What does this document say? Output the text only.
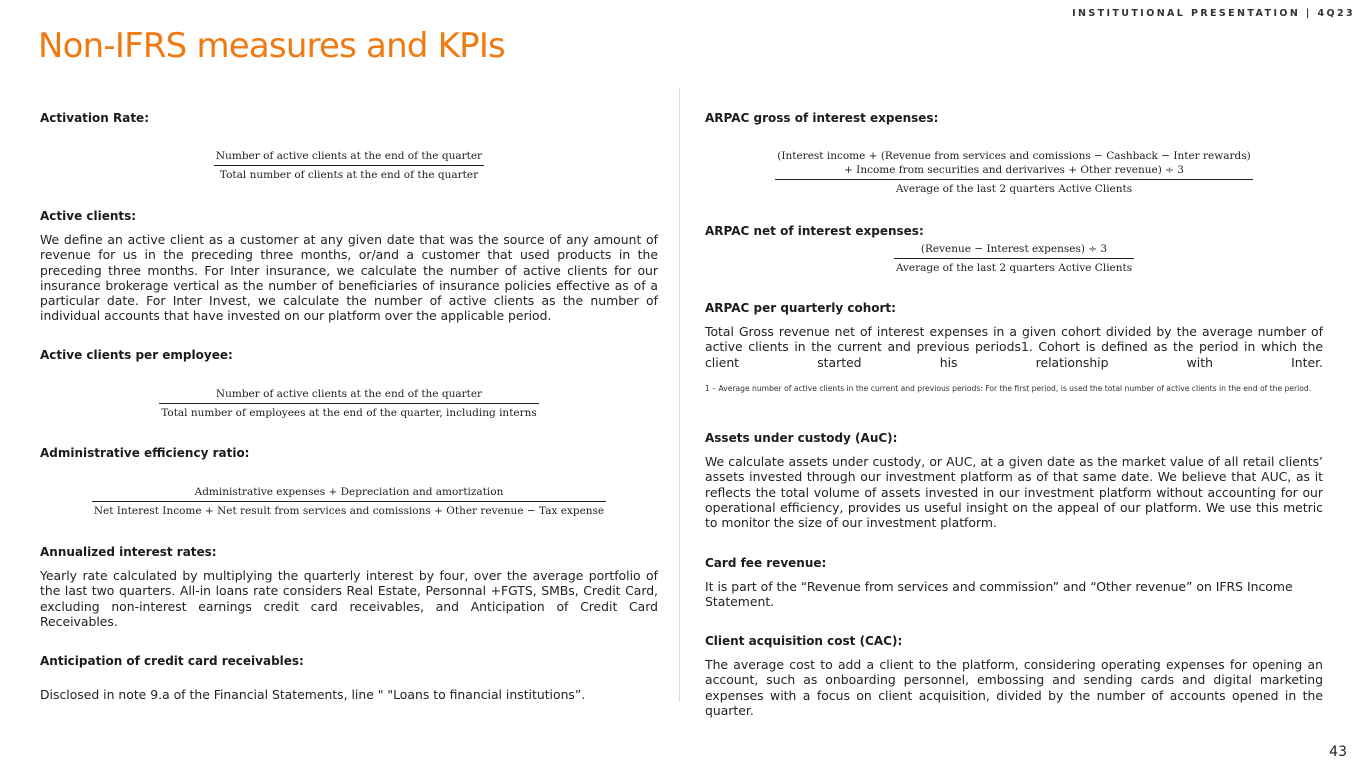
INSTITUTIONAL PRESENTATION | 4Q23
Non-IFRS measures and KPIs

Activation Rate:

$\frac{\text{Number of active clients at the end of the quarter}}{\text{Total number of clients at the end of the quarter}}$

Active clients:

We define an active client as a customer at any given date that was the source of any amount of revenue for us in the preceding three months, or/and a customer that used products in the preceding three months. For Inter insurance, we calculate the number of active clients for our insurance brokerage vertical as the number of beneficiaries of insurance policies effective as of a particular date. For Inter Invest, we calculate the number of active clients as the number of individual accounts that have invested on our platform over the applicable period.

Active clients per employee:

Number of active clients at the end of the quarter
Total number of employees at the end of the quarter, including interns

Administrative efficiency ratio:

Administrative expenses + Depreciation and amortization
Net Interest Income + Net result from services and comissions + Other revenue − Tax expense

Annualized interest rates:

Yearly rate calculated by multiplying the quarterly interest by four, over the average portfolio of the last two quarters. All-in loans rate considers Real Estate, Personnal +FGTS, SMBs, Credit Card, excluding non-interest earnings credit card receivables, and Anticipation of Credit Card Receivables.

Anticipation of credit card receivables:

Disclosed in note 9.a of the Financial Statements, line " "Loans to financial institutions”.

ARPAC gross of interest expenses:

(Interest income + (Revenue from services and comissions − Cashback − Inter rewards)
+ Income from securities and derivarives + Other revenue) ÷ 3
Average of the last 2 quarters Active Clients

ARPAC net of interest expenses:

$\frac{\text{(Revenue − Interest expenses) ÷ 3}}{\text{Average of the last 2 quarters Active Clients}}$

ARPAC per quarterly cohort:

Total Gross revenue net of interest expenses in a given cohort divided by the average number of active clients in the current and previous periods1. Cohort is defined as the period in which the client started his relationship with Inter.

1 – Average number of active clients in the current and previous periods: For the first period, is used the total number of active clients in the end of the period.

Assets under custody (AuC):

We calculate assets under custody, or AUC, at a given date as the market value of all retail clients’ assets invested through our investment platform as of that same date. We believe that AUC, as it reflects the total volume of assets invested in our investment platform without accounting for our operational efficiency, provides us useful insight on the appeal of our platform. We use this metric to monitor the size of our investment platform.

Card fee revenue:

It is part of the “Revenue from services and commission” and “Other revenue” on IFRS Income Statement.

Client acquisition cost (CAC):

The average cost to add a client to the platform, considering operating expenses for opening an account, such as onboarding personnel, embossing and sending cards and digital marketing expenses with a focus on client acquisition, divided by the number of accounts opened in the quarter.

43
